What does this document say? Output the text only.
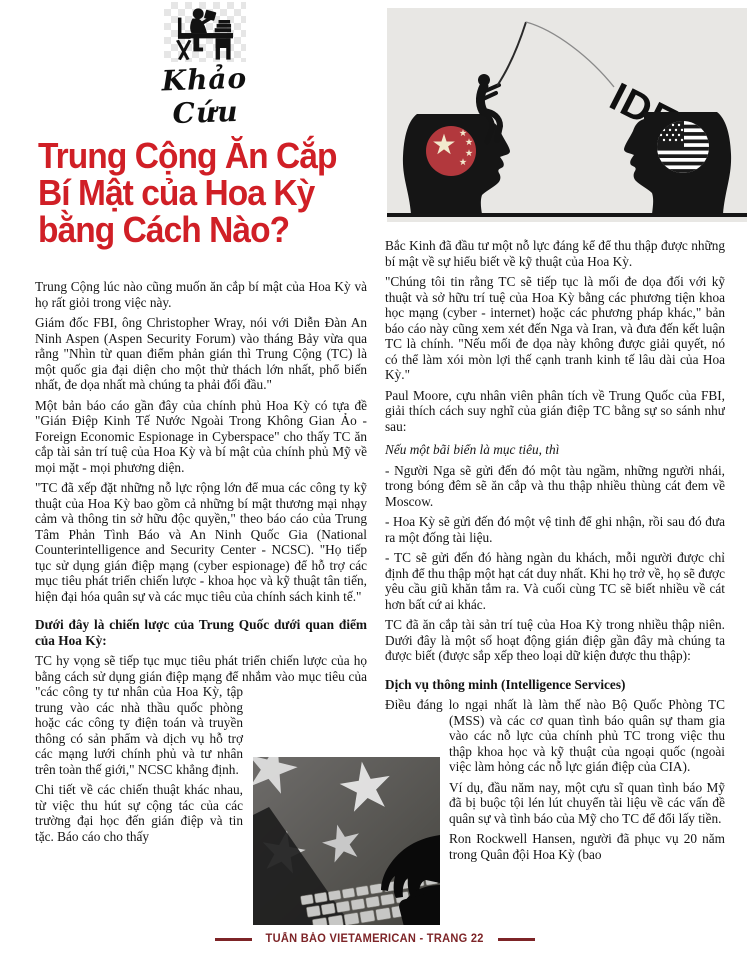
Khảo Cứu
Trung Cộng Ăn Cắp
Bí Mật của Hoa Kỳ
bằng Cách Nào?

Trung Cộng lúc nào cũng muốn ăn cắp bí mật của Hoa Kỳ và họ rất giỏi trong việc này.

Giám đốc FBI, ông Christopher Wray, nói với Diễn Đàn An Ninh Aspen (Aspen Security Forum) vào tháng Bảy vừa qua rằng "Nhìn từ quan điểm phản gián thì Trung Cộng (TC) là một quốc gia đại diện cho một thử thách lớn nhất, phổ biến nhất, đe dọa nhất mà chúng ta phải đối đầu."

Một bản báo cáo gần đây của chính phủ Hoa Kỳ có tựa đề "Gián Điệp Kinh Tế Nước Ngoài Trong Không Gian Ảo - Foreign Economic Espionage in Cyberspace" cho thấy TC ăn cắp tài sản trí tuệ của Hoa Kỳ và bí mật của chính phủ Mỹ về mọi mặt - mọi phương diện.

"TC đã xếp đặt những nỗ lực rộng lớn để mua các công ty kỹ thuật của Hoa Kỳ bao gồm cả những bí mật thương mại nhạy cảm và thông tin sở hữu độc quyền," theo báo cáo của Trung Tâm Phản Tình Báo và An Ninh Quốc Gia (National Counterintelligence and Security Center - NCSC). "Họ tiếp tục sử dụng gián điệp mạng (cyber espionage) để hỗ trợ các mục tiêu phát triển chiến lược - khoa học và kỹ thuật tân tiến, hiện đại hóa quân sự và các mục tiêu của chính sách kinh tế."

Dưới đây là chiến lược của Trung Quốc dưới quan điểm của Hoa Kỳ:

TC hy vọng sẽ tiếp tục mục tiêu phát triển chiến lược của họ bằng cách sử dụng gián điệp mạng để nhắm vào mục tiêu của "các công ty tư nhân của Hoa Kỳ, tập trung vào các nhà thầu quốc phòng hoặc các công ty điện toán và truyền thông có sản phẩm và dịch vụ hỗ trợ các mạng lưới chính phủ và tư nhân trên toàn thế giới," NCSC khẳng định.

Chi tiết về các chiến thuật khác nhau, từ việc thu hút sự cộng tác của các trường đại học đến gián điệp và tin tặc. Báo cáo cho thấy

Bắc Kinh đã đầu tư một nỗ lực đáng kể để thu thập được những bí mật về sự hiểu biết về kỹ thuật của Hoa Kỳ.

"Chúng tôi tin rằng TC sẽ tiếp tục là mối đe dọa đối với kỹ thuật và sở hữu trí tuệ của Hoa Kỳ bằng các phương tiện khoa học mạng (cyber - internet) hoặc các phương pháp khác," bản báo cáo này cũng xem xét đến Nga và Iran, và đưa đến kết luận TC là chính. "Nếu mối đe dọa này không được giải quyết, nó có thể làm xói mòn lợi thế cạnh tranh kinh tế lâu dài của Hoa Kỳ."

Paul Moore, cựu nhân viên phân tích về Trung Quốc của FBI, giải thích cách suy nghĩ của gián điệp TC bằng sự so sánh như sau:

Nếu một bãi biển là mục tiêu, thì

- Người Nga sẽ gửi đến đó một tàu ngầm, những người nhái, trong bóng đêm sẽ ăn cắp và thu thập nhiều thùng cát đem về Moscow.

- Hoa Kỳ sẽ gửi đến đó một vệ tinh để ghi nhận, rồi sau đó đưa ra một đống tài liệu.

- TC sẽ gửi đến đó hàng ngàn du khách, mỗi người được chỉ định để thu thập một hạt cát duy nhất. Khi họ trở về, họ sẽ được yêu cầu giũ khăn tắm ra. Và cuối cùng TC sẽ biết nhiều về cát hơn bất cứ ai khác.

TC đã ăn cắp tài sản trí tuệ của Hoa Kỳ trong nhiều thập niên. Dưới đây là một số hoạt động gián điệp gần đây mà chúng ta được biết (được sắp xếp theo loại dữ kiện được thu thập):

Dịch vụ thông minh (Intelligence Services)

Điều đáng lo ngại nhất là làm thế nào Bộ Quốc Phòng TC (MSS) và các cơ quan tình báo quân sự tham gia vào các nỗ lực của chính phủ TC trong việc thu thập khoa học và kỹ thuật của ngoại quốc (ngoài việc làm hỏng các nỗ lực gián điệp của CIA).

Ví dụ, đầu năm nay, một cựu sĩ quan tình báo Mỹ đã bị buộc tội lén lút chuyển tài liệu về các vấn đề quân sự và tình báo của Mỹ cho TC để đổi lấy tiền.

Ron Rockwell Hansen, người đã phục vụ 20 năm trong Quân đội Hoa Kỳ (bao

TUẤN BÁO VIETAMERICAN - TRANG 22
